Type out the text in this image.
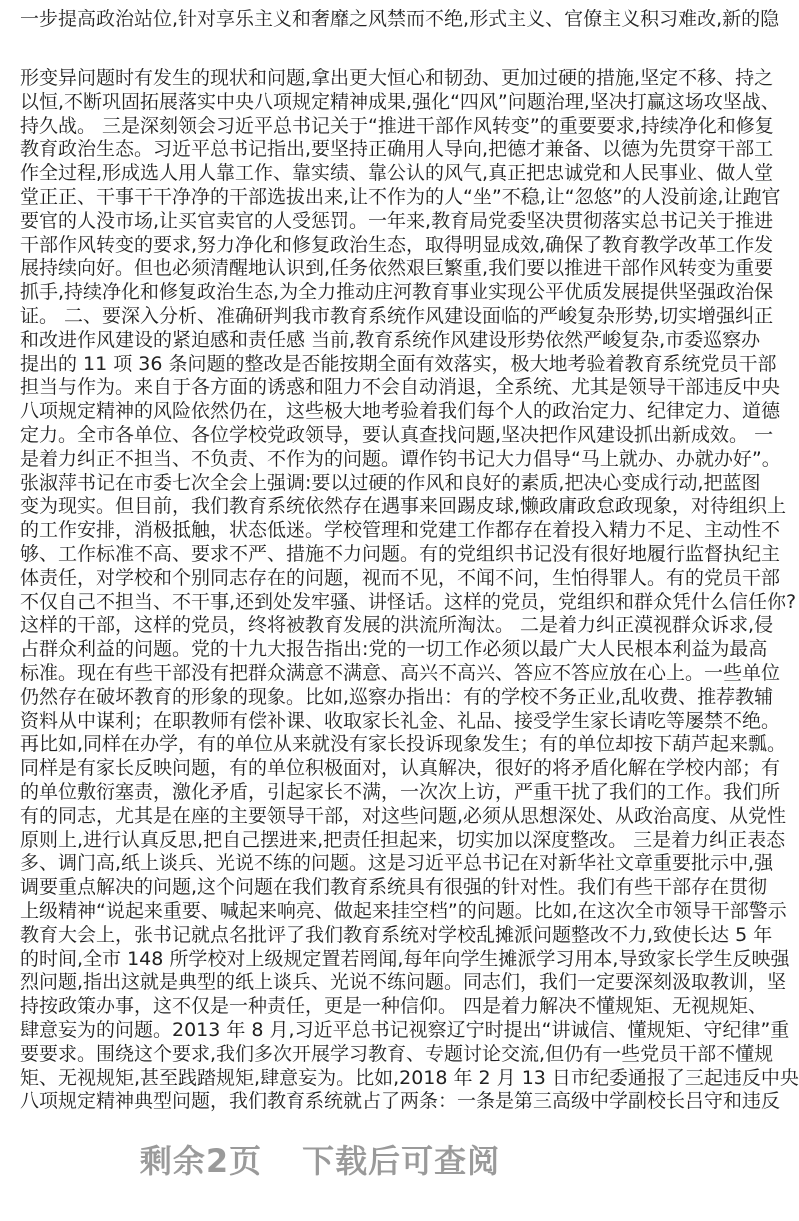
一步提高政治站位,针对享乐主义和奢靡之风禁而不绝,形式主义、官僚主义积习难改,新的隐
形变异问题时有发生的现状和问题,拿出更大恒心和韧劲、更加过硬的措施,坚定不移、持之
以恒,不断巩固拓展落实中央八项规定精神成果,强化“四风”问题治理,坚决打赢这场攻坚战、
持久战。 三是深刻领会习近平总书记关于“推进干部作风转变”的重要要求,持续净化和修复
教育政治生态。习近平总书记指出,要坚持正确用人导向,把德才兼备、以德为先贯穿干部工
作全过程,形成选人用人靠工作、靠实绩、靠公认的风气,真正把忠诚党和人民事业、做人堂
堂正正、干事干干净净的干部选拔出来,让不作为的人“坐”不稳,让“忽悠”的人没前途,让跑官
要官的人没市场,让买官卖官的人受惩罚。一年来,教育局党委坚决贯彻落实总书记关于推进
干部作风转变的要求,努力净化和修复政治生态，取得明显成效,确保了教育教学改革工作发
展持续向好。但也必须清醒地认识到,任务依然艰巨繁重,我们要以推进干部作风转变为重要
抓手,持续净化和修复政治生态,为全力推动庄河教育事业实现公平优质发展提供坚强政治保
证。 二、要深入分析、准确研判我市教育系统作风建设面临的严峻复杂形势,切实增强纠正
和改进作风建设的紧迫感和责任感 当前,教育系统作风建设形势依然严峻复杂,市委巡察办
提出的 11 项 36 条问题的整改是否能按期全面有效落实，极大地考验着教育系统党员干部
担当与作为。来自于各方面的诱惑和阻力不会自动消退，全系统、尤其是领导干部违反中央
八项规定精神的风险依然仍在，这些极大地考验着我们每个人的政治定力、纪律定力、道德
定力。全市各单位、各位学校党政领导，要认真查找问题,坚决把作风建设抓出新成效。 一
是着力纠正不担当、不负责、不作为的问题。谭作钧书记大力倡导“马上就办、办就办好”。
张淑萍书记在市委七次全会上强调:要以过硬的作风和良好的素质,把决心变成行动,把蓝图
变为现实。但目前，我们教育系统依然存在遇事来回踢皮球,懒政庸政怠政现象，对待组织上
的工作安排，消极抵触，状态低迷。学校管理和党建工作都存在着投入精力不足、主动性不
够、工作标准不高、要求不严、措施不力问题。有的党组织书记没有很好地履行监督执纪主
体责任，对学校和个别同志存在的问题，视而不见，不闻不问，生怕得罪人。有的党员干部
不仅自己不担当、不干事,还到处发牢骚、讲怪话。这样的党员，党组织和群众凭什么信任你?
这样的干部，这样的党员，终将被教育发展的洪流所淘汰。 二是着力纠正漠视群众诉求,侵
占群众利益的问题。党的十九大报告指出:党的一切工作必须以最广大人民根本利益为最高
标准。现在有些干部没有把群众满意不满意、高兴不高兴、答应不答应放在心上。一些单位
仍然存在破坏教育的形象的现象。比如,巡察办指出：有的学校不务正业,乱收费、推荐教辅
资料从中谋利；在职教师有偿补课、收取家长礼金、礼品、接受学生家长请吃等屡禁不绝。
再比如,同样在办学，有的单位从来就没有家长投诉现象发生；有的单位却按下葫芦起来瓢。
同样是有家长反映问题，有的单位积极面对，认真解决，很好的将矛盾化解在学校内部；有
的单位敷衍塞责，激化矛盾，引起家长不满，一次次上访，严重干扰了我们的工作。我们所
有的同志，尤其是在座的主要领导干部，对这些问题,必须从思想深处、从政治高度、从党性
原则上,进行认真反思,把自己摆进来,把责任担起来，切实加以深度整改。 三是着力纠正表态
多、调门高,纸上谈兵、光说不练的问题。这是习近平总书记在对新华社文章重要批示中,强
调要重点解决的问题,这个问题在我们教育系统具有很强的针对性。我们有些干部存在贯彻
上级精神“说起来重要、喊起来响亮、做起来挂空档”的问题。比如,在这次全市领导干部警示
教育大会上，张书记就点名批评了我们教育系统对学校乱摊派问题整改不力,致使长达 5 年
的时间,全市 148 所学校对上级规定置若罔闻,每年向学生摊派学习用本,导致家长学生反映强
烈问题,指出这就是典型的纸上谈兵、光说不练问题。同志们，我们一定要深刻汲取教训，坚
持按政策办事，这不仅是一种责任，更是一种信仰。 四是着力解决不懂规矩、无视规矩、
肆意妄为的问题。2013 年 8 月,习近平总书记视察辽宁时提出“讲诚信、懂规矩、守纪律”重
要要求。围绕这个要求,我们多次开展学习教育、专题讨论交流,但仍有一些党员干部不懂规
矩、无视规矩,甚至践踏规矩,肆意妄为。比如,2018 年 2 月 13 日市纪委通报了三起违反中央
八项规定精神典型问题，我们教育系统就占了两条：一条是第三高级中学副校长吕守和违反
剩余2页 下载后可查阅
